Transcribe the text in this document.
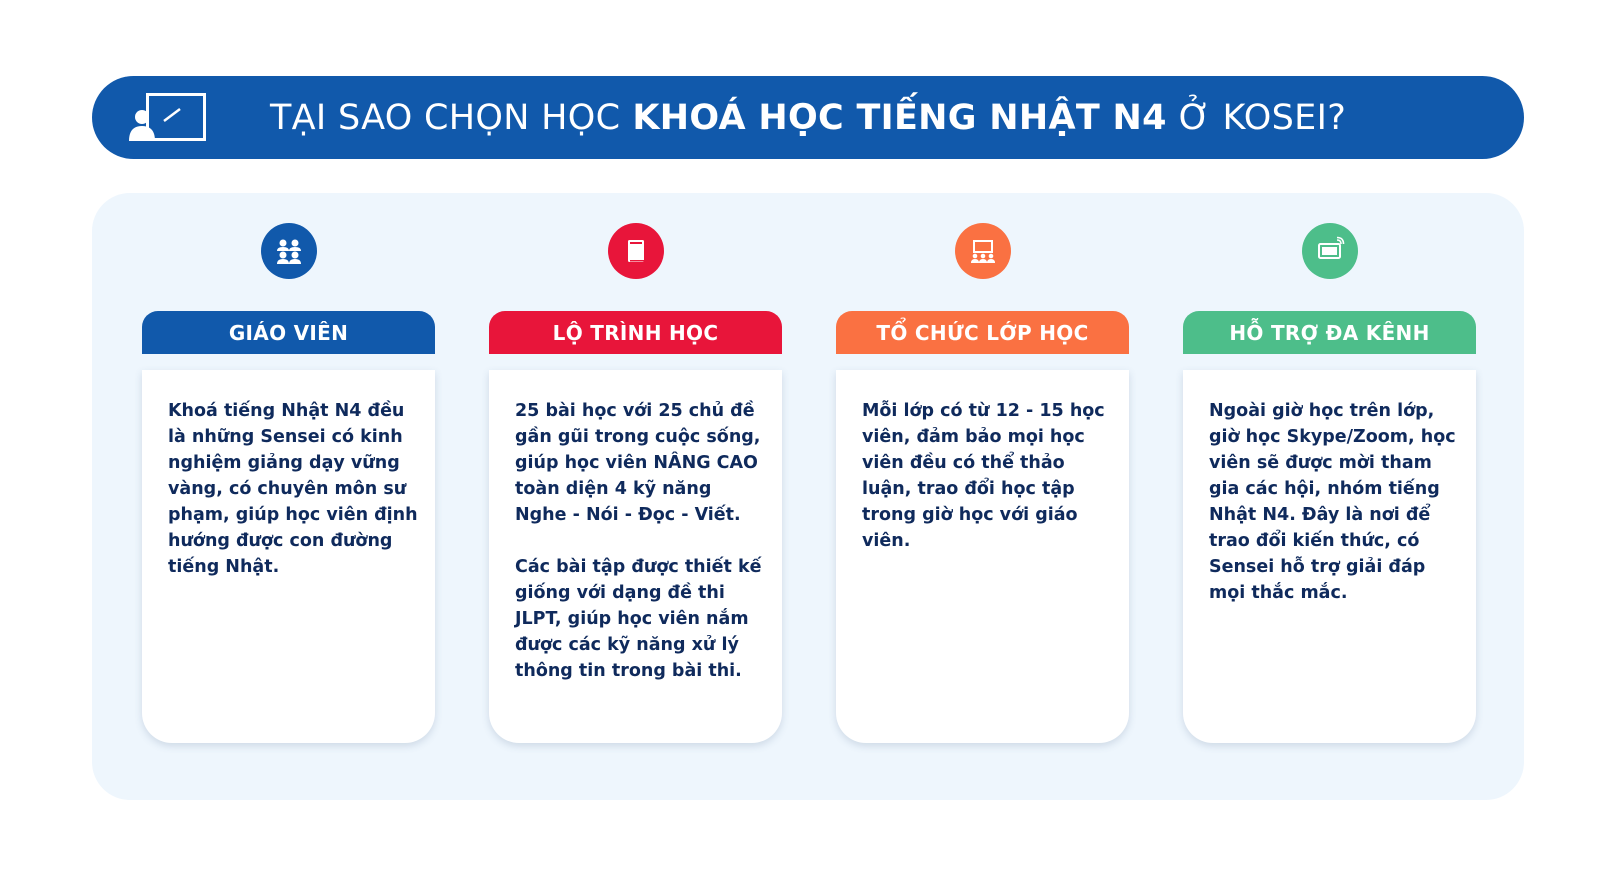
TẠI SAO CHỌN HỌC KHOÁ HỌC TIẾNG NHẬT N4 Ở KOSEI?
GIÁO VIÊN

Khoá tiếng Nhật N4 đều là những Sensei có kinh nghiệm giảng dạy vững vàng, có chuyên môn sư phạm, giúp học viên định hướng được con đường tiếng Nhật.

LỘ TRÌNH HỌC

25 bài học với 25 chủ đề gần gũi trong cuộc sống, giúp học viên NÂNG CAO toàn diện 4 kỹ năng Nghe - Nói - Đọc - Viết.

Các bài tập được thiết kế giống với dạng đề thi JLPT, giúp học viên nắm được các kỹ năng xử lý thông tin trong bài thi.

TỔ CHỨC LỚP HỌC

Mỗi lớp có từ 12 - 15 học viên, đảm bảo mọi học viên đều có thể thảo luận, trao đổi học tập trong giờ học với giáo viên.

HỖ TRỢ ĐA KÊNH

Ngoài giờ học trên lớp, giờ học Skype/Zoom, học viên sẽ được mời tham gia các hội, nhóm tiếng Nhật N4. Đây là nơi để trao đổi kiến thức, có Sensei hỗ trợ giải đáp mọi thắc mắc.
